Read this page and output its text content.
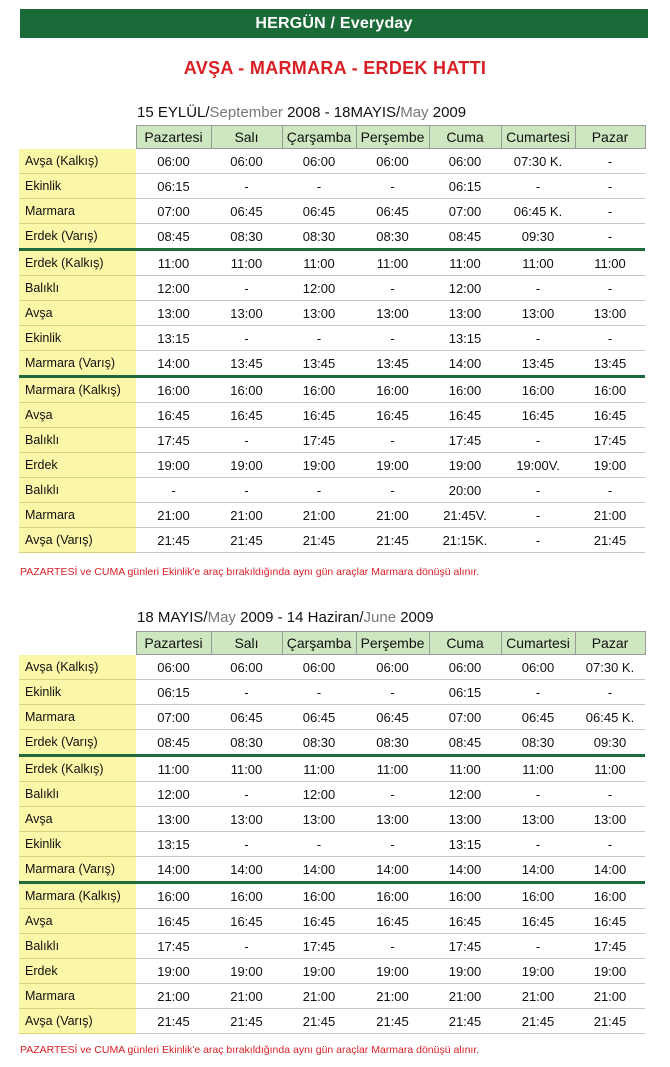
HERGÜN / Everyday
AVŞA - MARMARA - ERDEK HATTI
15 EYLÜL/September 2008 - 18MAYIS/May 2009
	Pazartesi	Salı	Çarşamba	Perşembe	Cuma	Cumartesi	Pazar
Avşa (Kalkış)	06:00	06:00	06:00	06:00	06:00	07:30 K.	-
Ekinlik	06:15	-	-	-	06:15	-	-
Marmara	07:00	06:45	06:45	06:45	07:00	06:45 K.	-
Erdek (Varış)	08:45	08:30	08:30	08:30	08:45	09:30	-
Erdek (Kalkış)	11:00	11:00	11:00	11:00	11:00	11:00	11:00
Balıklı	12:00	-	12:00	-	12:00	-	-
Avşa	13:00	13:00	13:00	13:00	13:00	13:00	13:00
Ekinlik	13:15	-	-	-	13:15	-	-
Marmara (Varış)	14:00	13:45	13:45	13:45	14:00	13:45	13:45
Marmara (Kalkış)	16:00	16:00	16:00	16:00	16:00	16:00	16:00
Avşa	16:45	16:45	16:45	16:45	16:45	16:45	16:45
Balıklı	17:45	-	17:45	-	17:45	-	17:45
Erdek	19:00	19:00	19:00	19:00	19:00	19:00V.	19:00
Balıklı	-	-	-	-	20:00	-	-
Marmara	21:00	21:00	21:00	21:00	21:45V.	-	21:00
Avşa (Varış)	21:45	21:45	21:45	21:45	21:15K.	-	21:45
PAZARTESİ ve CUMA günleri Ekinlik'e araç bırakıldığında aynı gün araçlar Marmara dönüşü alınır.
18 MAYIS/May 2009 - 14 Haziran/June 2009
	Pazartesi	Salı	Çarşamba	Perşembe	Cuma	Cumartesi	Pazar
Avşa (Kalkış)	06:00	06:00	06:00	06:00	06:00	06:00	07:30 K.
Ekinlik	06:15	-	-	-	06:15	-	-
Marmara	07:00	06:45	06:45	06:45	07:00	06:45	06:45 K.
Erdek (Varış)	08:45	08:30	08:30	08:30	08:45	08:30	09:30
Erdek (Kalkış)	11:00	11:00	11:00	11:00	11:00	11:00	11:00
Balıklı	12:00	-	12:00	-	12:00	-	-
Avşa	13:00	13:00	13:00	13:00	13:00	13:00	13:00
Ekinlik	13:15	-	-	-	13:15	-	-
Marmara (Varış)	14:00	14:00	14:00	14:00	14:00	14:00	14:00
Marmara (Kalkış)	16:00	16:00	16:00	16:00	16:00	16:00	16:00
Avşa	16:45	16:45	16:45	16:45	16:45	16:45	16:45
Balıklı	17:45	-	17:45	-	17:45	-	17:45
Erdek	19:00	19:00	19:00	19:00	19:00	19:00	19:00
Marmara	21:00	21:00	21:00	21:00	21:00	21:00	21:00
Avşa (Varış)	21:45	21:45	21:45	21:45	21:45	21:45	21:45
PAZARTESİ ve CUMA günleri Ekinlik'e araç bırakıldığında aynı gün araçlar Marmara dönüşü alınır.
